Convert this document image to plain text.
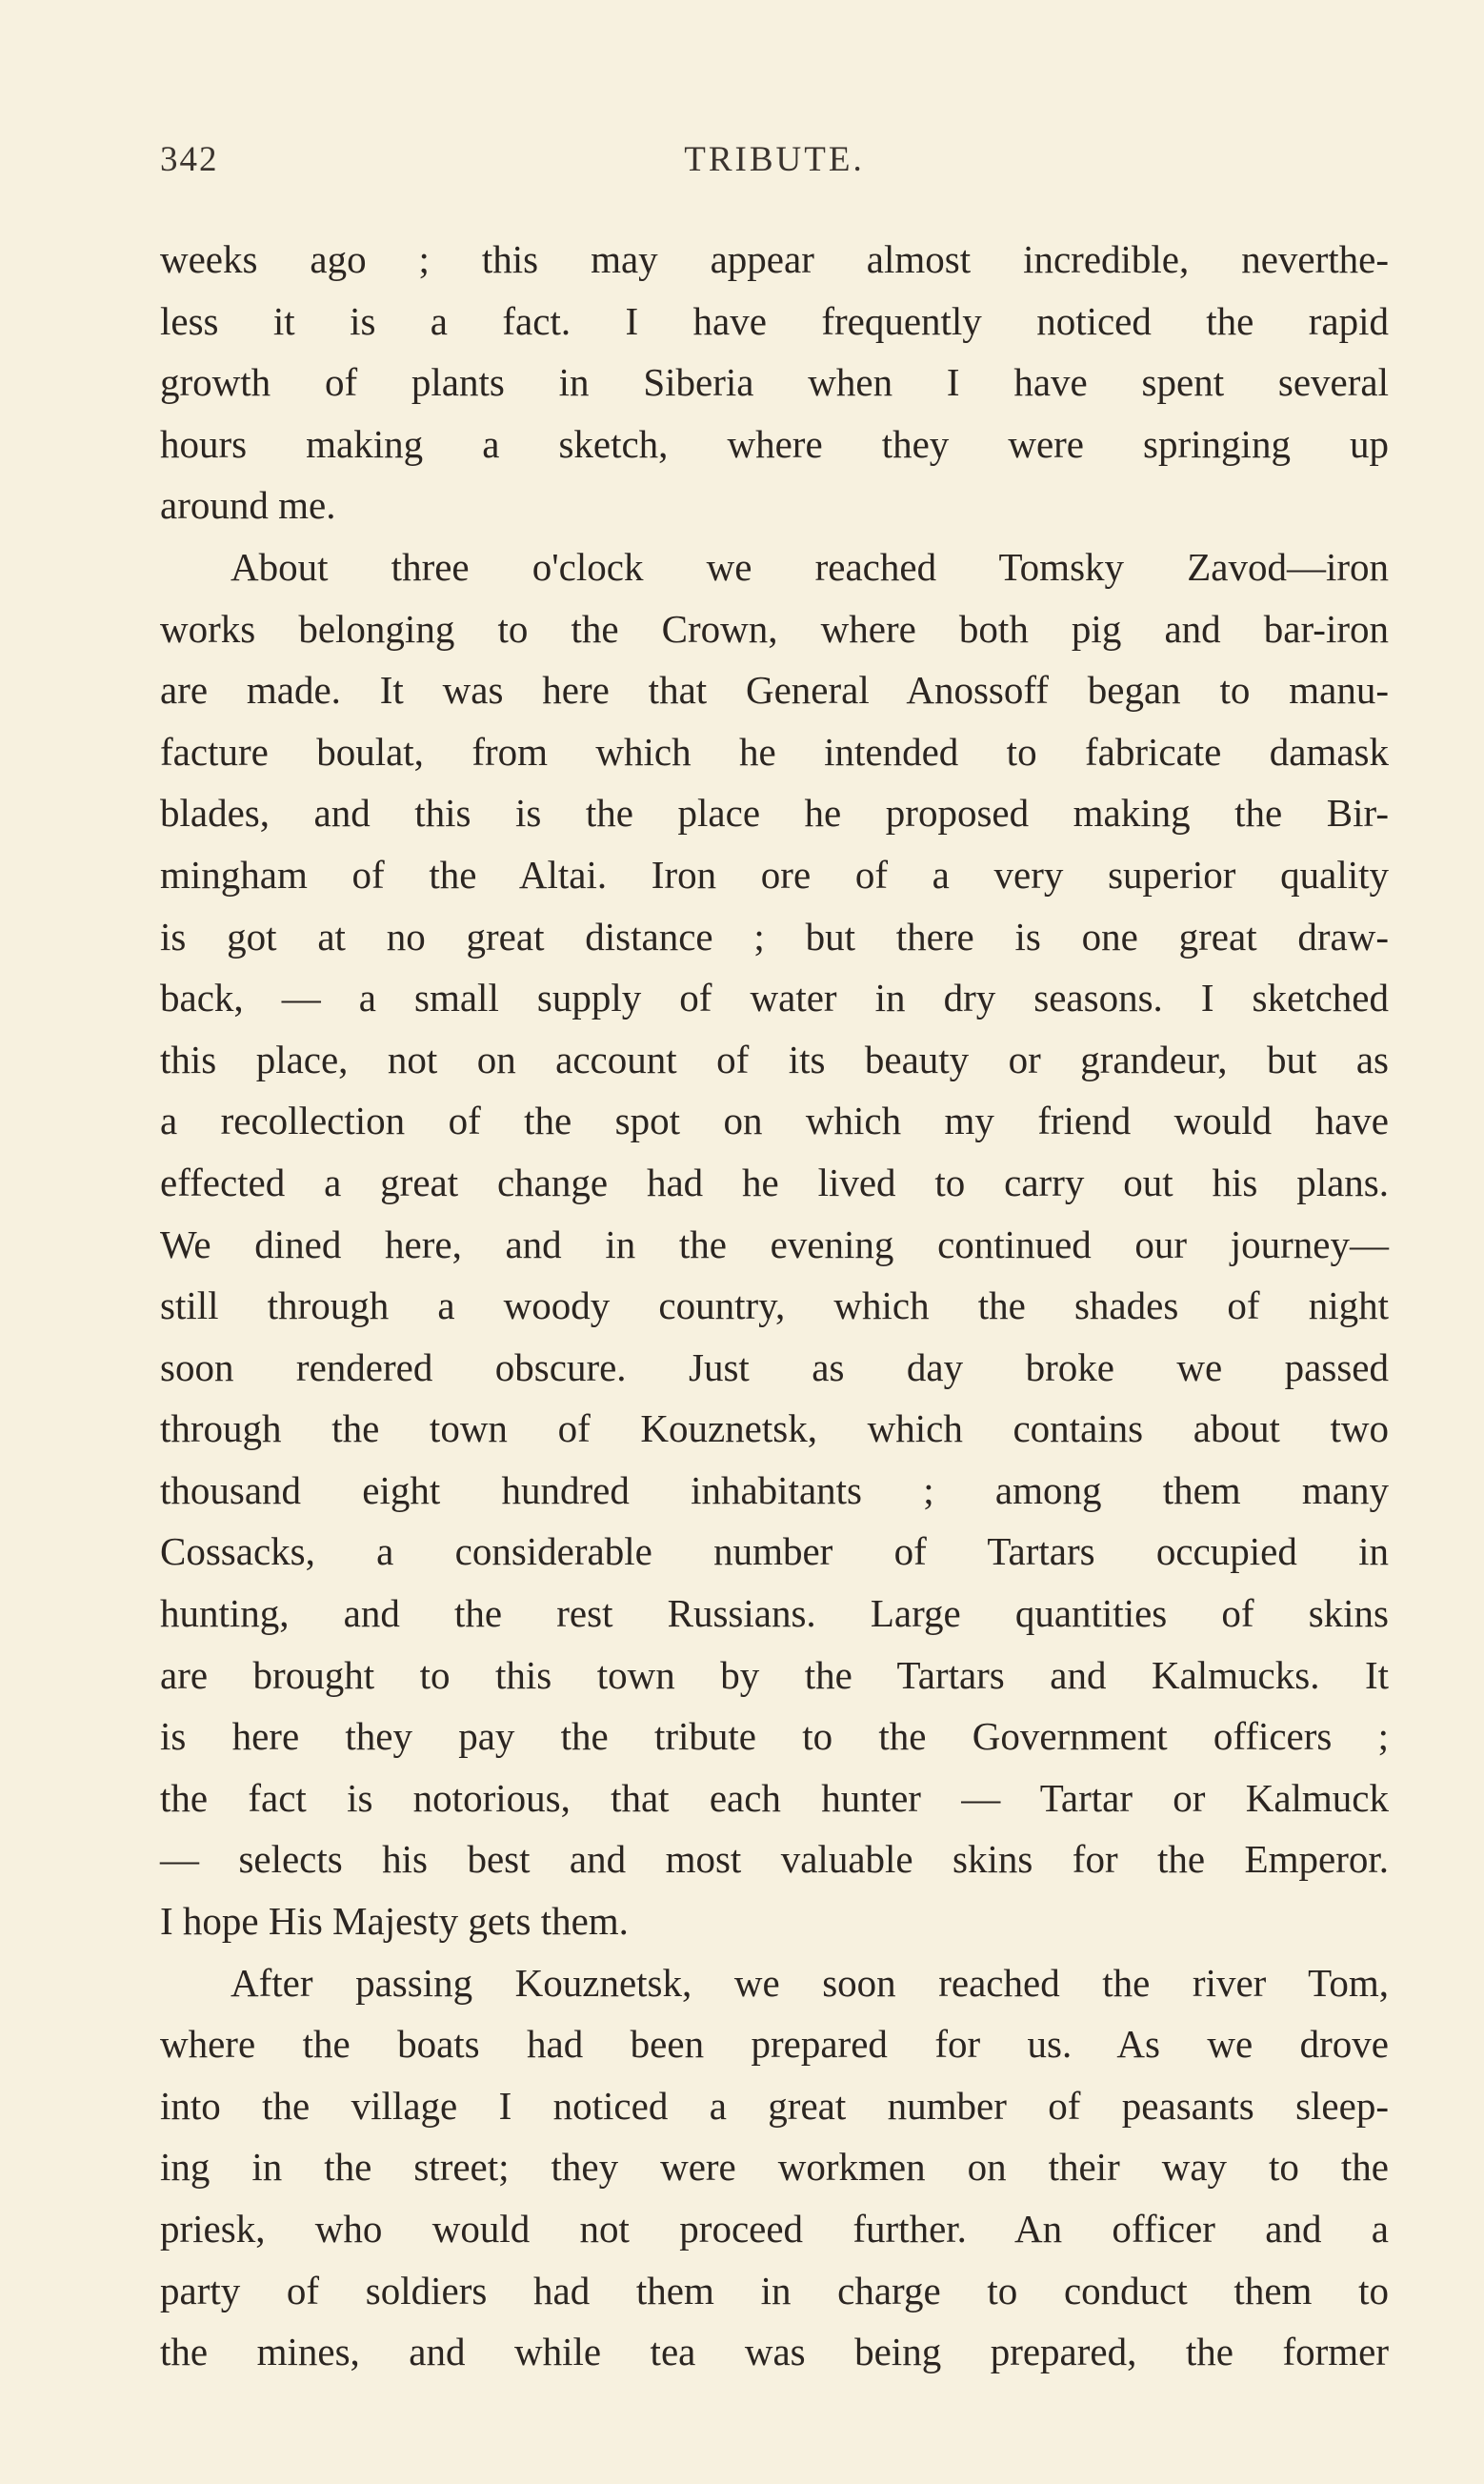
342	TRIBUTE.
weeks ago ; this may appear almost incredible, neverthe-
less it is a fact. I have frequently noticed the rapid
growth of plants in Siberia when I have spent several
hours making a sketch, where they were springing up
around me.
About three o'clock we reached Tomsky Zavod—iron
works belonging to the Crown, where both pig and bar-iron
are made. It was here that General Anossoff began to manu-
facture boulat, from which he intended to fabricate damask
blades, and this is the place he proposed making the Bir-
mingham of the Altai. Iron ore of a very superior quality
is got at no great distance ; but there is one great draw-
back, — a small supply of water in dry seasons. I sketched
this place, not on account of its beauty or grandeur, but as
a recollection of the spot on which my friend would have
effected a great change had he lived to carry out his plans.
We dined here, and in the evening continued our journey—
still through a woody country, which the shades of night
soon rendered obscure. Just as day broke we passed
through the town of Kouznetsk, which contains about two
thousand eight hundred inhabitants ; among them many
Cossacks, a considerable number of Tartars occupied in
hunting, and the rest Russians. Large quantities of skins
are brought to this town by the Tartars and Kalmucks. It
is here they pay the tribute to the Government officers ;
the fact is notorious, that each hunter — Tartar or Kalmuck
— selects his best and most valuable skins for the Emperor.
I hope His Majesty gets them.
After passing Kouznetsk, we soon reached the river Tom,
where the boats had been prepared for us. As we drove
into the village I noticed a great number of peasants sleep-
ing in the street; they were workmen on their way to the
priesk, who would not proceed further. An officer and a
party of soldiers had them in charge to conduct them to
the mines, and while tea was being prepared, the former
